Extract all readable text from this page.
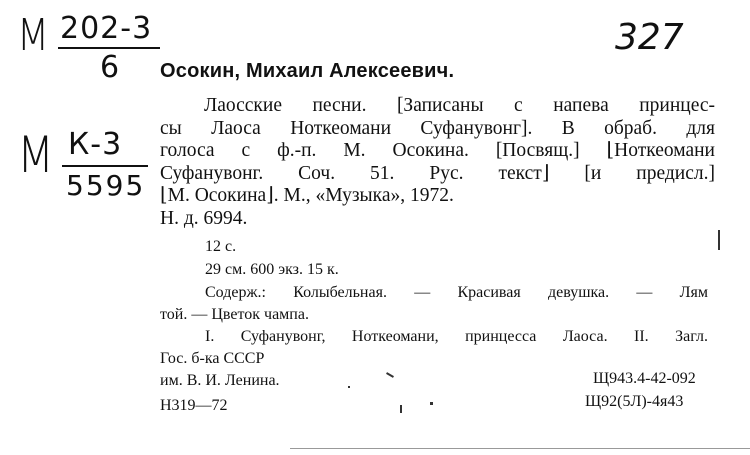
М 202-3
6
М К-3
5595
327
Осокин, Михаил Алексеевич.
Лаосские песни. [Записаны с напева принцес-
сы Лаоса Ноткеомани Суфанувонг]. В обраб. для
голоса с ф.-п. М. Осокина. [Посвящ.] ⌊Ноткеомани
Суфанувонг. Соч. 51. Рус. текст⌋ [и предисл.]
⌊М. Осокина⌋. М., «Музыка», 1972.
Н. д. 6994.
12 с.
29 см. 600 экз. 15 к.
Содерж.: Колыбельная. — Красивая девушка. — Лям
той. — Цветок чампа.
I. Суфанувонг, Ноткеомани, принцесса Лаоса. II. Загл.
Гос. б-ка СССР
им. В. И. Ленина.
Н319—72
Щ943.4-42-092
Щ92(5Л)-4я43
